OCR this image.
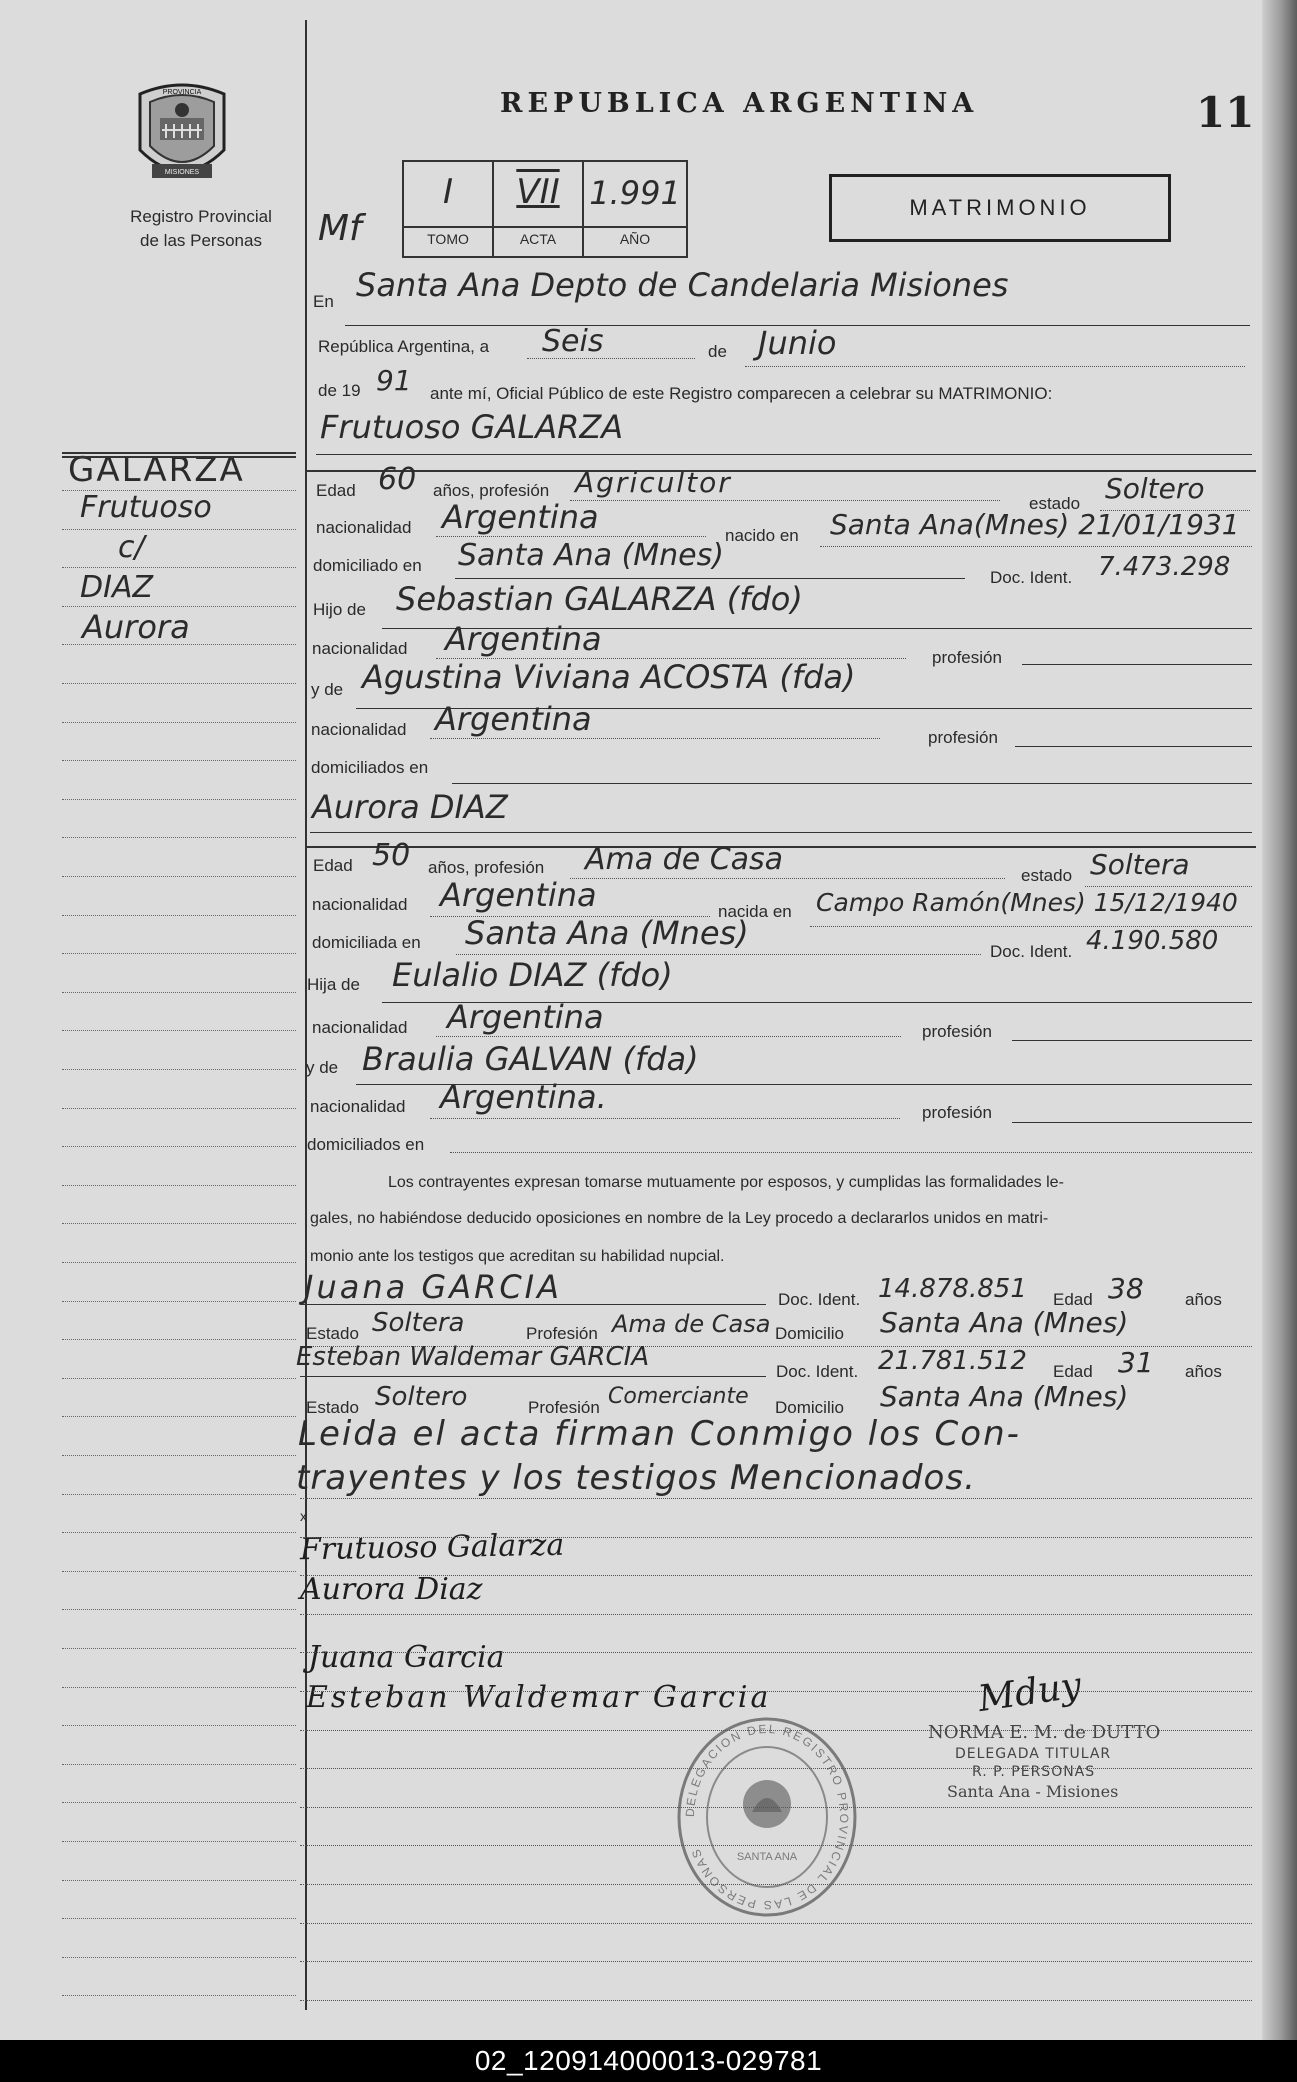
PROVINCIA
MISIONES
Registro Provincial
de las Personas
REPUBLICA ARGENTINA	11
Mf
I	VII 1.991
TOMO	ACTA	AÑO
MATRIMONIO
En Santa Ana Depto de Candelaria Misiones
República Argentina, a Seis	de Junio
de 19 91 ante mí, Oficial Público de este Registro comparecen a celebrar su MATRIMONIO:
GALARZA
Frutuoso
c/
DIAZ
Aurora
Frutuoso GALARZA
Edad 60 años, profesión Agricultor
estado Soltero
nacionalidad Argentina	nacido en Santa Ana(Mnes) 21/01/1931
domiciliado en Santa Ana (Mnes)
Doc. Ident. 7.473.298
Hijo de Sebastian GALARZA (fdo)
nacionalidad Argentina	profesión
y de Agustina Viviana ACOSTA (fda)
nacionalidad Argentina	profesión
domiciliados en
Aurora DIAZ
Edad 50 años, profesión Ama de Casa	estado Soltera
nacionalidad Argentina	nacida en Campo Ramón(Mnes) 15/12/1940
domiciliada en Santa Ana (Mnes)	Doc. Ident. 4.190.580
Hija de Eulalio DIAZ (fdo)
nacionalidad Argentina	profesión
y de Braulia GALVAN (fda)
nacionalidad Argentina.	profesión
domiciliados en
Los contrayentes expresan tomarse mutuamente por esposos, y cumplidas las formalidades le-
gales, no habiéndose deducido oposiciones en nombre de la Ley procedo a declararlos unidos en matri-
monio ante los testigos que acreditan su habilidad nupcial.
Juana GARCIA	Doc. Ident. 14.878.851 Edad 38 años
Estado Soltera	Profesión Ama de Casa Domicilio Santa Ana (Mnes)
Esteban Waldemar GARCIA	Doc. Ident. 21.781.512 Edad 31 años
Estado Soltero	Profesión Comerciante Domicilio Santa Ana (Mnes)
Leida el acta firman Conmigo los Con-
trayentes y los testigos Mencionados.
x
Frutuoso Galarza
Aurora Diaz
Juana Garcia
Esteban Waldemar Garcia	Mduy
NORMA E. M. de DUTTO
DELEGADA TITULAR
R. P. PERSONAS
Santa Ana - Misiones
DELEGACION DEL REGISTRO PROVINCIAL DE LAS PERSONAS	SANTA ANA
02_120914000013-029781
